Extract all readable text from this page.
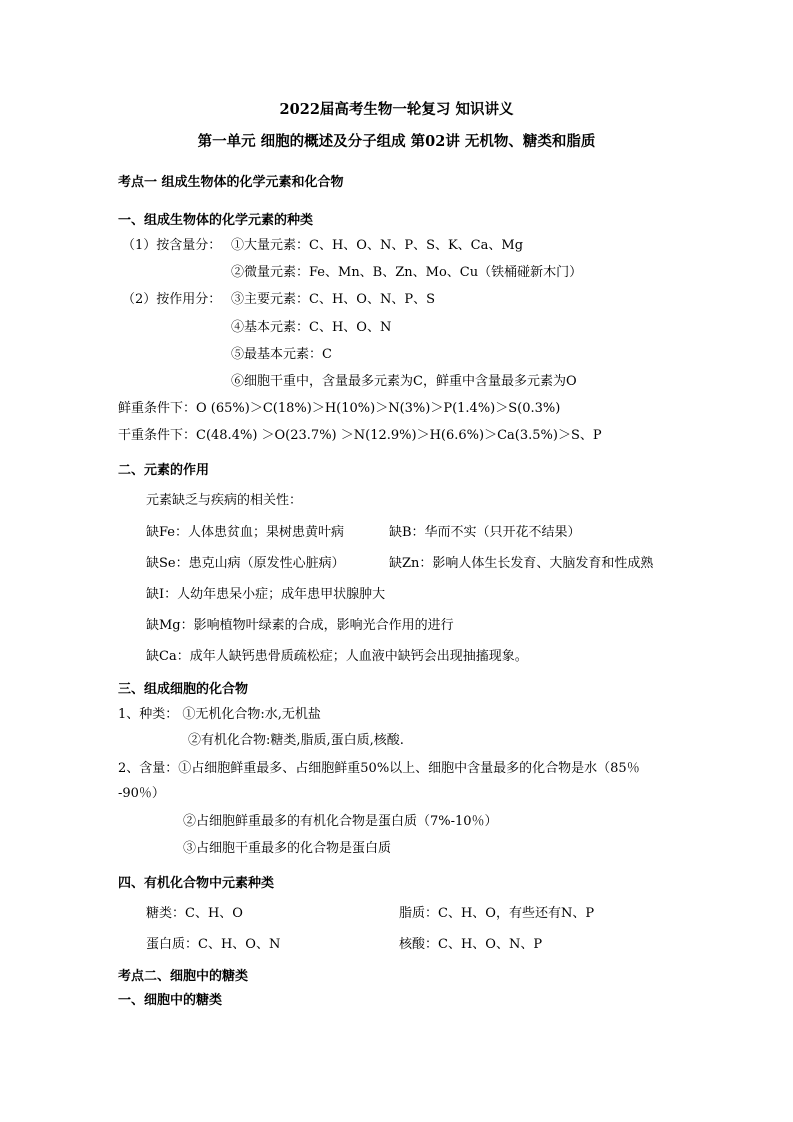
2022届高考生物一轮复习 知识讲义
第一单元 细胞的概述及分子组成 第02讲 无机物、糖类和脂质
考点一 组成生物体的化学元素和化合物
一、组成生物体的化学元素的种类
（1）按含量分： ①大量元素：C、H、O、N、P、S、K、Ca、Mg
②微量元素：Fe、Mn、B、Zn、Mo、Cu（铁桶碰新木门）
（2）按作用分： ③主要元素：C、H、O、N、P、S
④基本元素：C、H、O、N
⑤最基本元素：C
⑥细胞干重中，含量最多元素为C，鲜重中含量最多元素为O
鲜重条件下：O (65%)＞C(18%)＞H(10%)＞N(3%)＞P(1.4%)＞S(0.3%)
干重条件下：C(48.4%) ＞O(23.7%) ＞N(12.9%)＞H(6.6%)＞Ca(3.5%)＞S、P
二、元素的作用
元素缺乏与疾病的相关性：
缺Fe：人体患贫血；果树患黄叶病	缺B：华而不实（只开花不结果）
缺Se：患克山病（原发性心脏病）	缺Zn：影响人体生长发育、大脑发育和性成熟
缺I：人幼年患呆小症；成年患甲状腺肿大
缺Mg：影响植物叶绿素的合成，影响光合作用的进行
缺Ca：成年人缺钙患骨质疏松症；人血液中缺钙会出现抽搐现象。
三、组成细胞的化合物
1、种类： ①无机化合物:水,无机盐
②有机化合物:糖类,脂质,蛋白质,核酸.
2、含量：①占细胞鲜重最多、占细胞鲜重50%以上、细胞中含量最多的化合物是水（85％
-90％）
②占细胞鲜重最多的有机化合物是蛋白质（7%-10％）
③占细胞干重最多的化合物是蛋白质
四、有机化合物中元素种类
糖类：C、H、O	脂质：C、H、O，有些还有N、P
蛋白质：C、H、O、N	核酸：C、H、O、N、P
考点二、细胞中的糖类
一、细胞中的糖类
